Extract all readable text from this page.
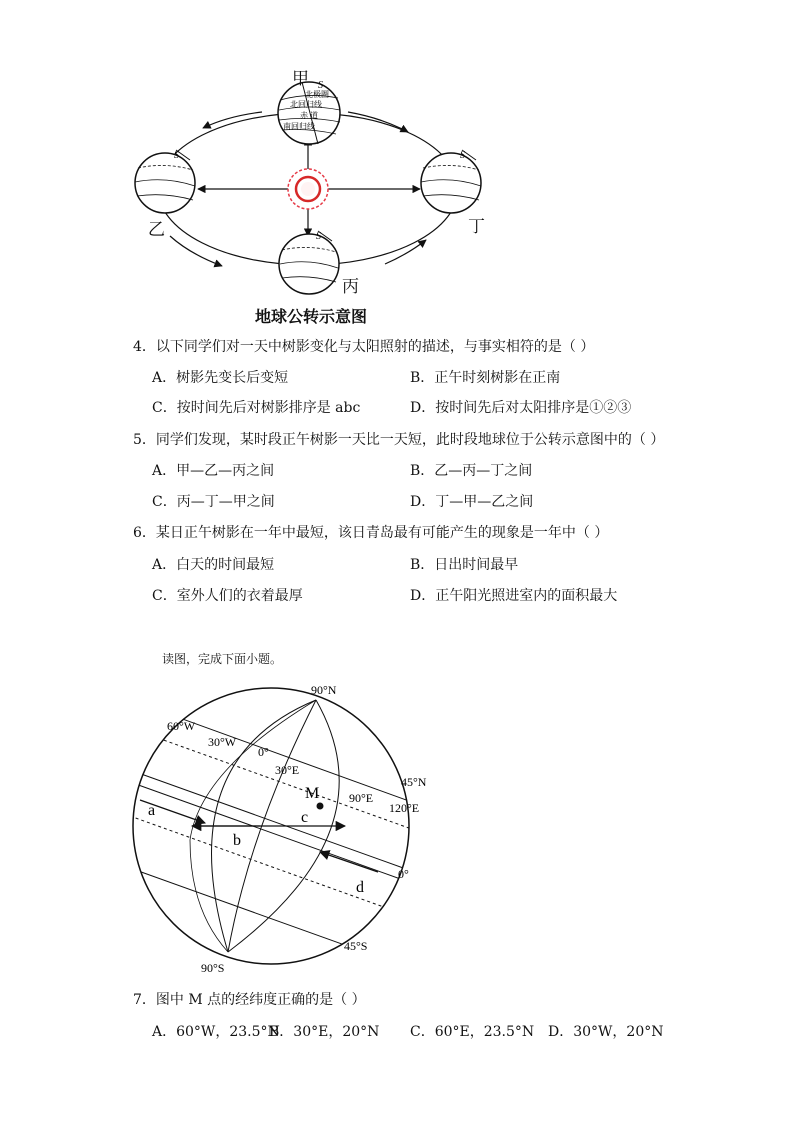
北极圈
北回归线
赤 道
南回归线
S
S	S
S
甲
乙	丁
丙
地球公转示意图
4．以下同学们对一天中树影变化与太阳照射的描述，与事实相符的是（ ）
A．树影先变长后变短	B．正午时刻树影在正南
C．按时间先后对树影排序是 abc	D．按时间先后对太阳排序是①②③
5．同学们发现，某时段正午树影一天比一天短，此时段地球位于公转示意图中的（ ）
A．甲—乙—丙之间	B．乙—丙—丁之间
C．丙—丁—甲之间	D．丁—甲—乙之间
6．某日正午树影在一年中最短，该日青岛最有可能产生的现象是一年中（ ）
A．白天的时间最短	B．日出时间最早
C．室外人们的衣着最厚	D．正午阳光照进室内的面积最大
读图，完成下面小题。
90°N
90°S
60°W
30°W
0°
30°E
90°E
120°E
45°N
0°
45°S
M
a
b
c
d
7．图中 M 点的经纬度正确的是（ ）
A．60°W，23.5°N
B．30°E，20°N C．60°E，23.5°N D．30°W，20°N
